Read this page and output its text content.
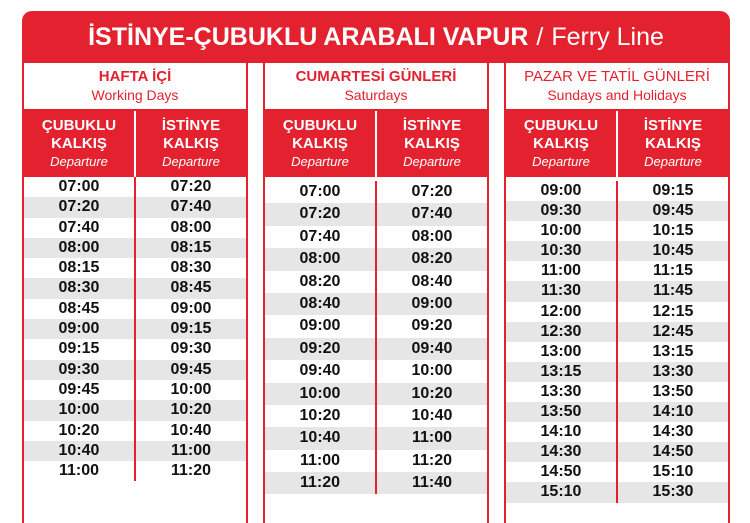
İSTİNYE-ÇUBUKLU ARABALI VAPUR / Ferry Line
HAFTA İÇİ
Working Days
ÇUBUKLU
KALKIŞ
Departure
İSTİNYE
KALKIŞ
Departure
07:00	07:20
07:20	07:40
07:40	08:00
08:00	08:15
08:15	08:30
08:30	08:45
08:45	09:00
09:00	09:15
09:15	09:30
09:30	09:45
09:45	10:00
10:00	10:20
10:20	10:40
10:40	11:00
11:00	11:20
CUMARTESİ GÜNLERİ
Saturdays
ÇUBUKLU
KALKIŞ
Departure
İSTİNYE
KALKIŞ
Departure
07:00	07:20
07:20	07:40
07:40	08:00
08:00	08:20
08:20	08:40
08:40	09:00
09:00	09:20
09:20	09:40
09:40	10:00
10:00	10:20
10:20	10:40
10:40	11:00
11:00	11:20
11:20	11:40
PAZAR VE TATİL GÜNLERİ
Sundays and Holidays
ÇUBUKLU
KALKIŞ
Departure
İSTİNYE
KALKIŞ
Departure
09:00	09:15
09:30	09:45
10:00	10:15
10:30	10:45
11:00	11:15
11:30	11:45
12:00	12:15
12:30	12:45
13:00	13:15
13:15	13:30
13:30	13:50
13:50	14:10
14:10	14:30
14:30	14:50
14:50	15:10
15:10	15:30
